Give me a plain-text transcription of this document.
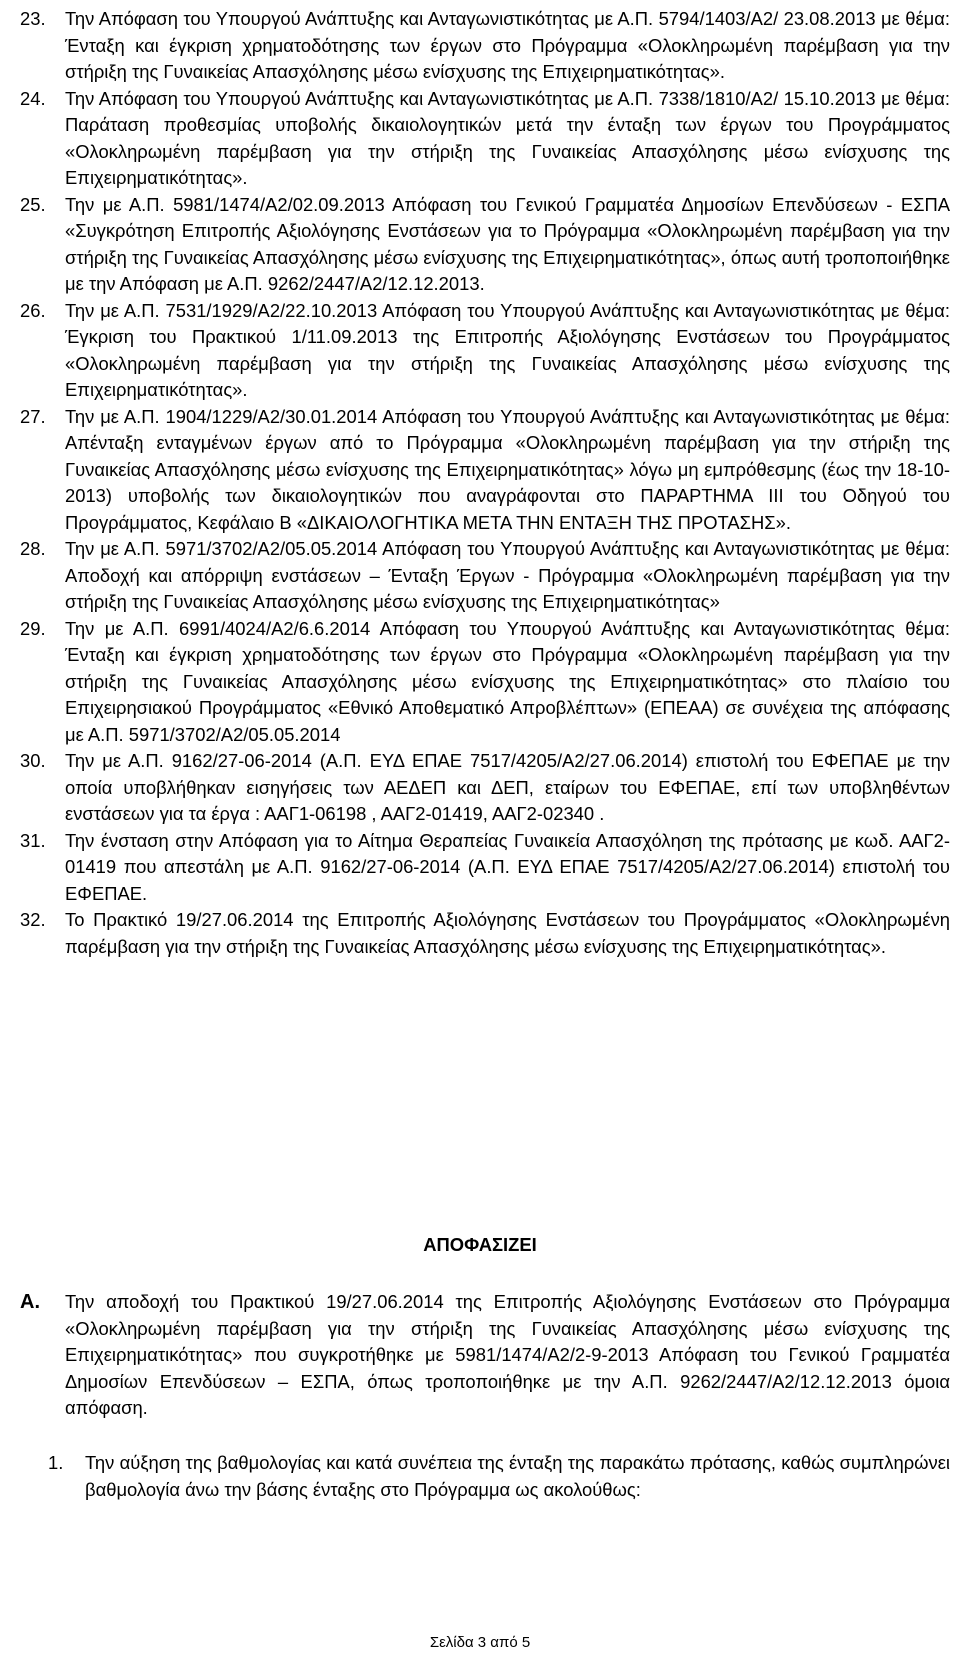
23.	Την Απόφαση του Υπουργού Ανάπτυξης και Ανταγωνιστικότητας με Α.Π. 5794/1403/Α2/ 23.08.2013 με θέμα: Ένταξη και έγκριση χρηματοδότησης των έργων στο Πρόγραμμα «Ολοκληρωμένη παρέμβαση για την στήριξη της Γυναικείας Απασχόλησης μέσω ενίσχυσης της Επιχειρηματικότητας».
24.	Την Απόφαση του Υπουργού Ανάπτυξης και Ανταγωνιστικότητας με Α.Π. 7338/1810/Α2/ 15.10.2013 με θέμα: Παράταση προθεσμίας υποβολής δικαιολογητικών μετά την ένταξη των έργων του Προγράμματος «Ολοκληρωμένη παρέμβαση για την στήριξη της Γυναικείας Απασχόλησης μέσω ενίσχυσης της Επιχειρηματικότητας».
25.	Την με Α.Π. 5981/1474/Α2/02.09.2013 Απόφαση του Γενικού Γραμματέα Δημοσίων Επενδύσεων - ΕΣΠΑ «Συγκρότηση Επιτροπής Αξιολόγησης Ενστάσεων για το Πρόγραμμα «Ολοκληρωμένη παρέμβαση για την στήριξη της Γυναικείας Απασχόλησης μέσω ενίσχυσης της Επιχειρηματικότητας», όπως αυτή τροποποιήθηκε με την Απόφαση με Α.Π. 9262/2447/Α2/12.12.2013.
26.	Την με Α.Π. 7531/1929/Α2/22.10.2013 Απόφαση του Υπουργού Ανάπτυξης και Ανταγωνιστικότητας με θέμα: Έγκριση του Πρακτικού 1/11.09.2013 της Επιτροπής Αξιολόγησης Ενστάσεων του Προγράμματος «Ολοκληρωμένη παρέμβαση για την στήριξη της Γυναικείας Απασχόλησης μέσω ενίσχυσης της Επιχειρηματικότητας».
27.	Την με Α.Π. 1904/1229/Α2/30.01.2014 Απόφαση του Υπουργού Ανάπτυξης και Ανταγωνιστικότητας με θέμα: Απένταξη ενταγμένων έργων από το Πρόγραμμα «Ολοκληρωμένη παρέμβαση για την στήριξη της Γυναικείας Απασχόλησης μέσω ενίσχυσης της Επιχειρηματικότητας» λόγω μη εμπρόθεσμης (έως την 18-10-2013) υποβολής των δικαιολογητικών που αναγράφονται στο ΠΑΡΑΡΤΗΜΑ ΙΙΙ του Οδηγού του Προγράμματος, Κεφάλαιο Β «ΔΙΚΑΙΟΛΟΓΗΤΙΚΑ ΜΕΤΑ ΤΗΝ ΕΝΤΑΞΗ ΤΗΣ ΠΡΟΤΑΣΗΣ».
28.	Την με Α.Π. 5971/3702/Α2/05.05.2014 Απόφαση του Υπουργού Ανάπτυξης και Ανταγωνιστικότητας με θέμα: Αποδοχή και απόρριψη ενστάσεων – Ένταξη Έργων - Πρόγραμμα «Ολοκληρωμένη παρέμβαση για την στήριξη της Γυναικείας Απασχόλησης μέσω ενίσχυσης της Επιχειρηματικότητας»
29.	Την με Α.Π. 6991/4024/Α2/6.6.2014 Απόφαση του Υπουργού Ανάπτυξης και Ανταγωνιστικότητας θέμα: Ένταξη και έγκριση χρηματοδότησης των έργων στο Πρόγραμμα «Ολοκληρωμένη παρέμβαση για την στήριξη της Γυναικείας Απασχόλησης μέσω ενίσχυσης της Επιχειρηματικότητας» στο πλαίσιο του Επιχειρησιακού Προγράμματος «Εθνικό Αποθεματικό Απροβλέπτων» (ΕΠΕΑΑ) σε συνέχεια της απόφασης με Α.Π. 5971/3702/Α2/05.05.2014
30.	Την με Α.Π. 9162/27-06-2014 (Α.Π. ΕΥΔ ΕΠΑΕ 7517/4205/Α2/27.06.2014) επιστολή του ΕΦΕΠΑΕ με την οποία υποβλήθηκαν εισηγήσεις των ΑΕΔΕΠ και ΔΕΠ, εταίρων του ΕΦΕΠΑΕ, επί των υποβληθέντων ενστάσεων για τα έργα : ΑΑΓ1-06198 , ΑΑΓ2-01419, ΑΑΓ2-02340 .
31.	Την ένσταση στην Απόφαση για το Αίτημα Θεραπείας Γυναικεία Απασχόληση της πρότασης με κωδ. ΑΑΓ2-01419 που απεστάλη με Α.Π. 9162/27-06-2014 (Α.Π. ΕΥΔ ΕΠΑΕ 7517/4205/Α2/27.06.2014) επιστολή του ΕΦΕΠΑΕ.
32.	Το Πρακτικό 19/27.06.2014 της Επιτροπής Αξιολόγησης Ενστάσεων του Προγράμματος «Ολοκληρωμένη παρέμβαση για την στήριξη της Γυναικείας Απασχόλησης μέσω ενίσχυσης της Επιχειρηματικότητας».
ΑΠΟΦΑΣΙΖΕΙ
Α.	Την αποδοχή του Πρακτικού 19/27.06.2014 της Επιτροπής Αξιολόγησης Ενστάσεων στο Πρόγραμμα «Ολοκληρωμένη παρέμβαση για την στήριξη της Γυναικείας Απασχόλησης μέσω ενίσχυσης της Επιχειρηματικότητας» που συγκροτήθηκε με 5981/1474/Α2/2-9-2013 Απόφαση του Γενικού Γραμματέα Δημοσίων Επενδύσεων – ΕΣΠΑ, όπως τροποποιήθηκε με την Α.Π. 9262/2447/Α2/12.12.2013 όμοια απόφαση.
1.	Την αύξηση της βαθμολογίας και κατά συνέπεια της ένταξη της παρακάτω πρότασης, καθώς συμπληρώνει βαθμολογία άνω την βάσης ένταξης στο Πρόγραμμα ως ακολούθως:
Σελίδα 3 από 5
